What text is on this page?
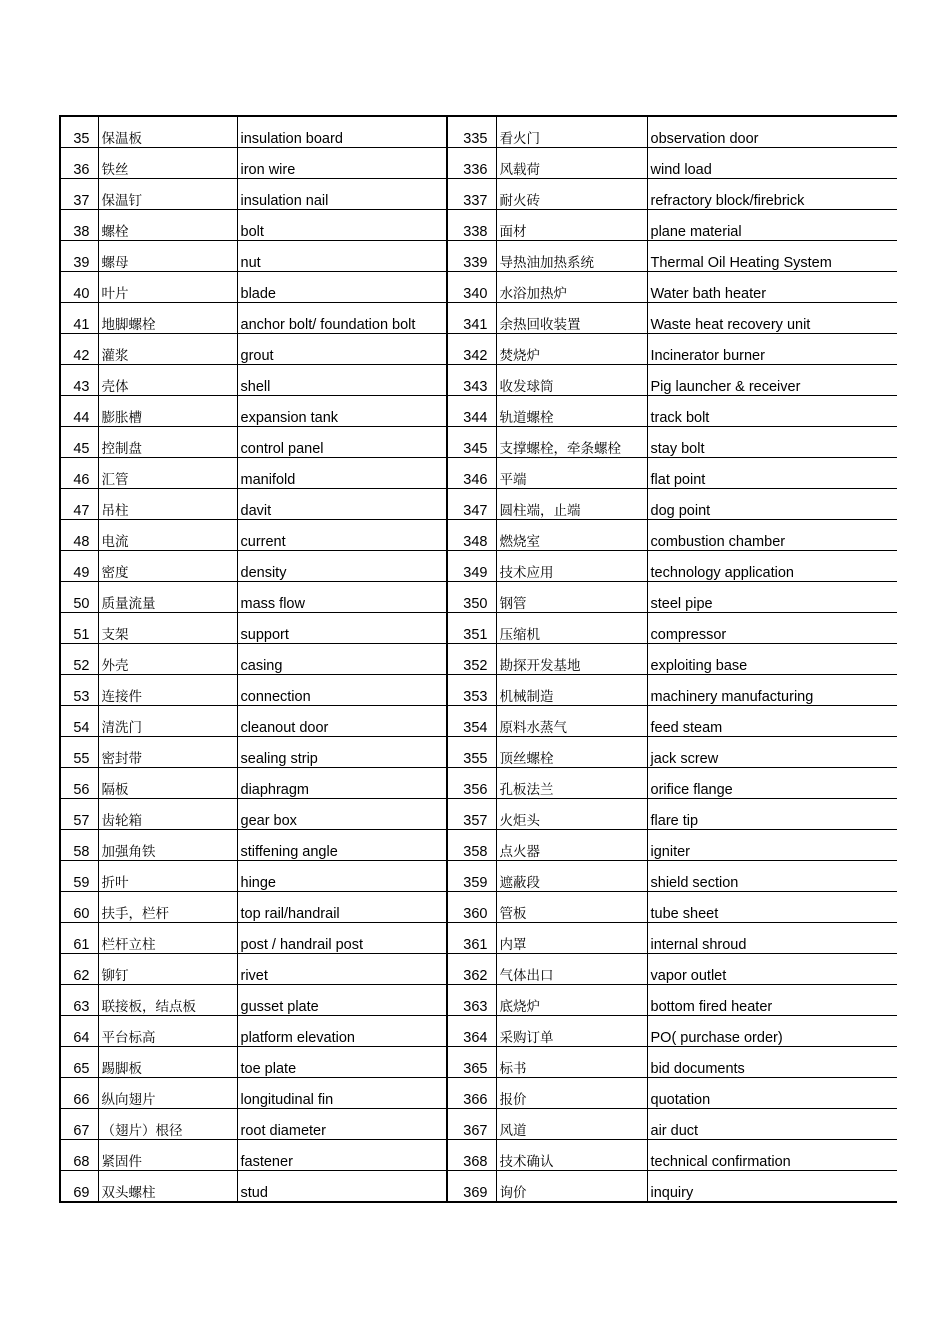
35	保温板	insulation board	335	看火门	observation door
36	铁丝	iron wire	336	风载荷	wind load
37	保温钉	insulation nail	337	耐火砖	refractory block/firebrick
38	螺栓	bolt	338	面材	plane material
39	螺母	nut	339	导热油加热系统	Thermal Oil Heating System
40	叶片	blade	340	水浴加热炉	Water bath heater
41	地脚螺栓	anchor bolt/ foundation bolt	341	余热回收装置	Waste heat recovery unit
42	灌浆	grout	342	焚烧炉	Incinerator burner
43	壳体	shell	343	收发球筒	Pig launcher & receiver
44	膨胀槽	expansion tank	344	轨道螺栓	track bolt
45	控制盘	control panel	345	支撑螺栓，牵条螺栓	stay bolt
46	汇管	manifold	346	平端	flat point
47	吊柱	davit	347	圆柱端，止端	dog point
48	电流	current	348	燃烧室	combustion chamber
49	密度	density	349	技术应用	technology application
50	质量流量	mass flow	350	钢管	steel pipe
51	支架	support	351	压缩机	compressor
52	外壳	casing	352	勘探开发基地	exploiting base
53	连接件	connection	353	机械制造	machinery manufacturing
54	清洗门	cleanout door	354	原料水蒸气	feed steam
55	密封带	sealing strip	355	顶丝螺栓	jack screw
56	隔板	diaphragm	356	孔板法兰	orifice flange
57	齿轮箱	gear box	357	火炬头	flare tip
58	加强角铁	stiffening angle	358	点火器	igniter
59	折叶	hinge	359	遮蔽段	shield section
60	扶手，栏杆	top rail/handrail	360	管板	tube sheet
61	栏杆立柱	post / handrail post	361	内罩	internal shroud
62	铆钉	rivet	362	气体出口	vapor outlet
63	联接板，结点板	gusset plate	363	底烧炉	bottom fired heater
64	平台标高	platform elevation	364	采购订单	PO( purchase order)
65	踢脚板	toe plate	365	标书	bid documents
66	纵向翅片	longitudinal fin	366	报价	quotation
67	（翅片）根径	root diameter	367	风道	air duct
68	紧固件	fastener	368	技术确认	technical confirmation
69	双头螺柱	stud	369	询价	inquiry
